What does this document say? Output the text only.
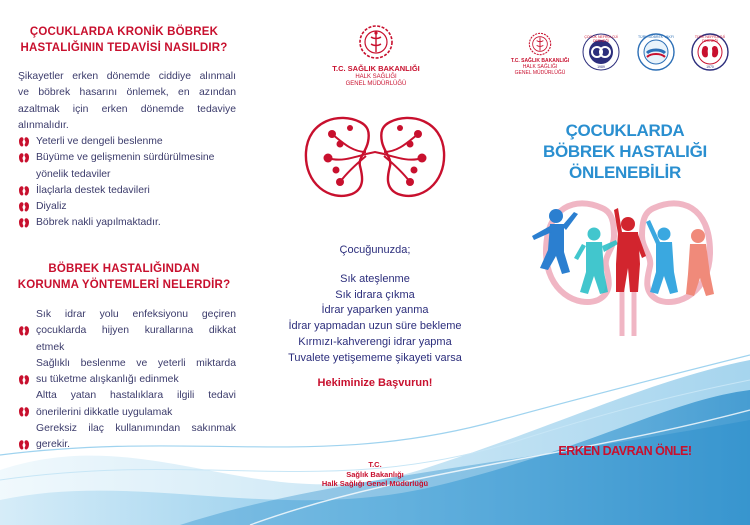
ÇOCUKLARDA KRONİK BÖBREK
HASTALIĞININ TEDAVİSİ NASILDIR?
Şikayetler erken dönemde ciddiye alınmalı
ve böbrek hasarını önlemek, en azından
azaltmak için erken dönemde tedaviye
alınmalıdır.
Yeterli ve dengeli beslenme
Büyüme ve gelişmenin sürdürülmesine
yönelik tedaviler
İlaçlarla destek tedavileri
Diyaliz
Böbrek nakli yapılmaktadır.
BÖBREK HASTALIĞINDAN
KORUNMA YÖNTEMLERİ NELERDİR?
Sık idrar yolu enfeksiyonu geçiren
çocuklarda hijyen kurallarına dikkat
etmek
Sağlıklı beslenme ve yeterli miktarda
su tüketme alışkanlığı edinmek
Altta yatan hastalıklara ilgili tedavi
önerilerini dikkatle uygulamak
Gereksiz ilaç kullanımından sakınmak
gerekir.
T.C. SAĞLIK BAKANLIĞI
HALK SAĞLIĞI
GENEL MÜDÜRLÜĞÜ
Çocuğunuzda;
Sık ateşlenme
Sık idrara çıkma
İdrar yaparken yanma
İdrar yapmadan uzun süre bekleme
Kırmızı-kahverengi idrar yapma
Tuvalete yetişememe şikayeti varsa
Hekiminize Başvurun!
T.C.
Sağlık Bakanlığı
Halk Sağlığı Genel Müdürlüğü
T.C. SAĞLIK BAKANLIĞI
HALK SAĞLIĞI
GENEL MÜDÜRLÜĞÜ
ÇOCUK NEFROLOJİ DERNEĞİ
1989
TÜRK BÖBREK VAKFI	TÜRK NEFROLOJİ DERNEĞİ
1970
ÇOCUKLARDA
BÖBREK HASTALIĞI
ÖNLENEBİLİR
ERKEN DAVRAN ÖNLE!
